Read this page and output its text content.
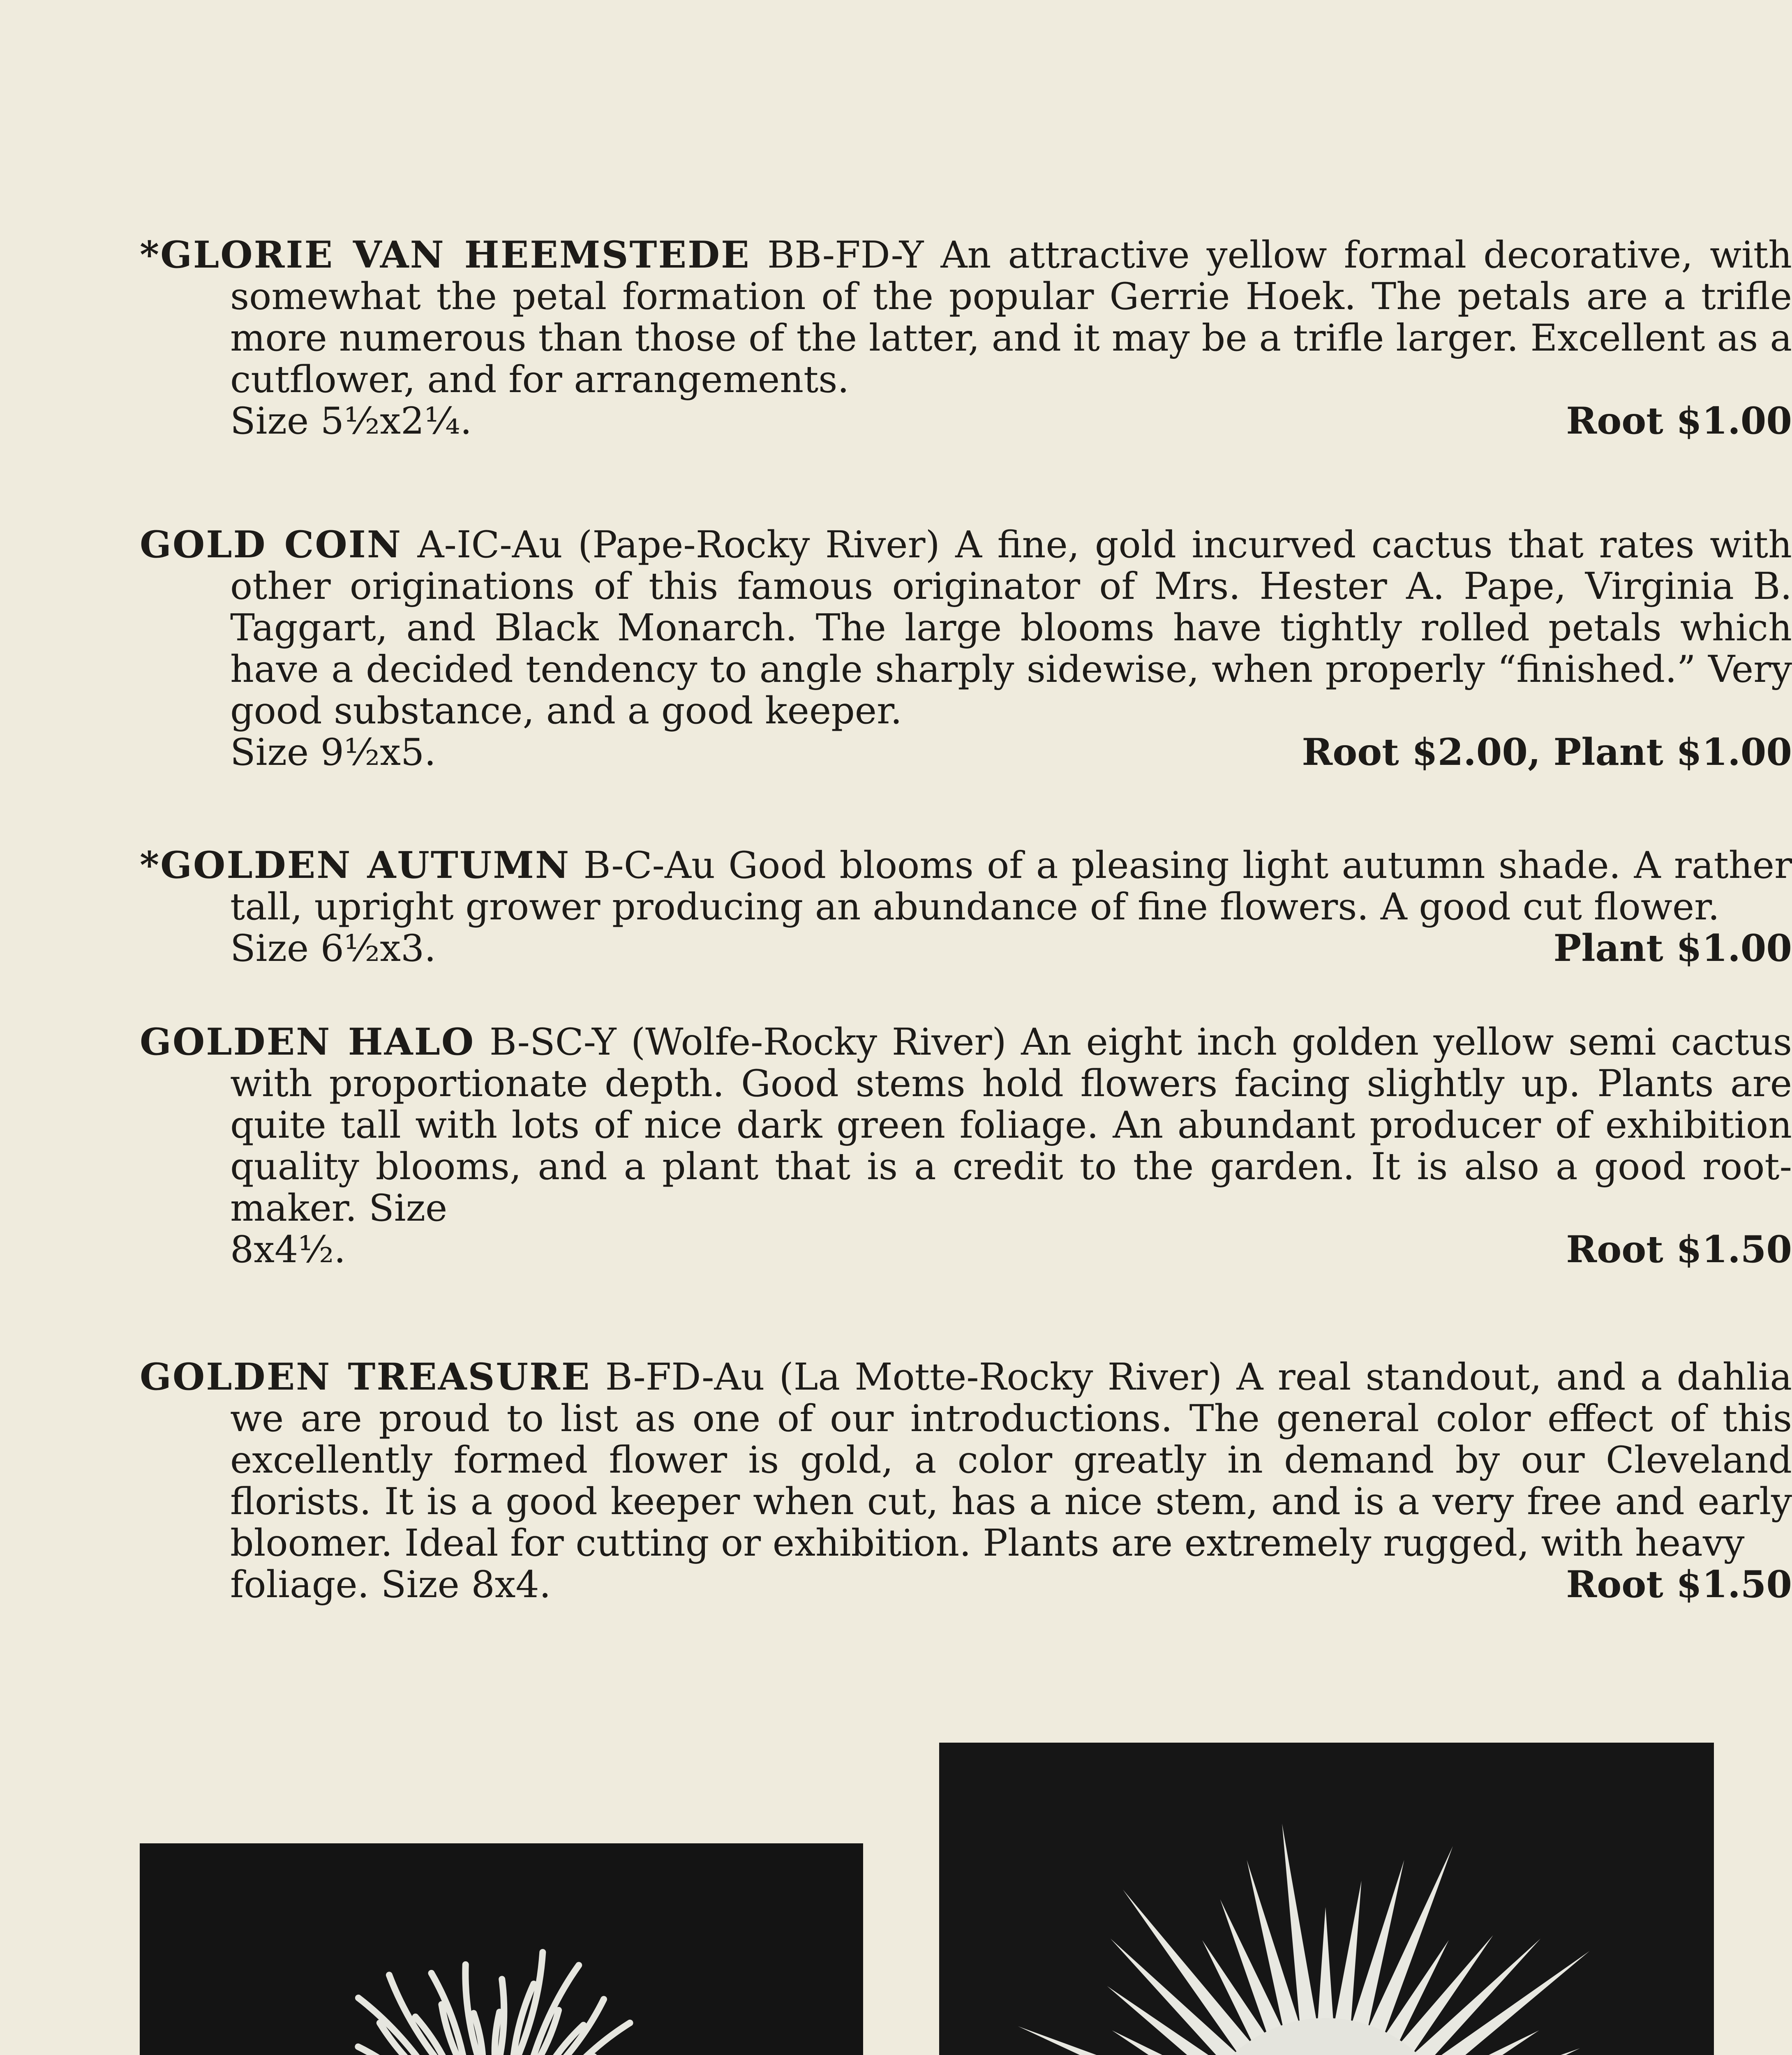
*GLORIE VAN HEEMSTEDE BB-FD-Y An attractive yellow formal decorative, with somewhat the petal formation of the popular Gerrie Hoek. The petals are a trifle more numerous than those of the latter, and it may be a trifle larger. Excellent as a cutflower, and for arrangements.
Size 5½x2¼.	Root $1.00
GOLD COIN A-IC-Au (Pape-Rocky River) A fine, gold incurved cactus that rates with other originations of this famous originator of Mrs. Hester A. Pape, Virginia B. Taggart, and Black Monarch. The large blooms have tightly rolled petals which have a decided tendency to angle sharply sidewise, when properly “finished.” Very good substance, and a good keeper.
Size 9½x5.	Root $2.00, Plant $1.00
*GOLDEN AUTUMN B-C-Au Good blooms of a pleasing light autumn shade. A rather tall, upright grower producing an abundance of fine flowers. A good cut flower.
Size 6½x3.	Plant $1.00
GOLDEN HALO B-SC-Y (Wolfe-Rocky River) An eight inch golden yellow semi cactus with proportionate depth. Good stems hold flowers facing slightly up. Plants are quite tall with lots of nice dark green foliage. An abundant producer of exhibition quality blooms, and a plant that is a credit to the garden. It is also a good root-maker. Size
8x4½.	Root $1.50
GOLDEN TREASURE B-FD-Au (La Motte-Rocky River) A real standout, and a dahlia we are proud to list as one of our introductions. The general color effect of this excellently formed flower is gold, a color greatly in demand by our Cleveland florists. It is a good keeper when cut, has a nice stem, and is a very free and early bloomer. Ideal for cutting or exhibition. Plants are extremely rugged, with heavy
foliage. Size 8x4.	Root $1.50
